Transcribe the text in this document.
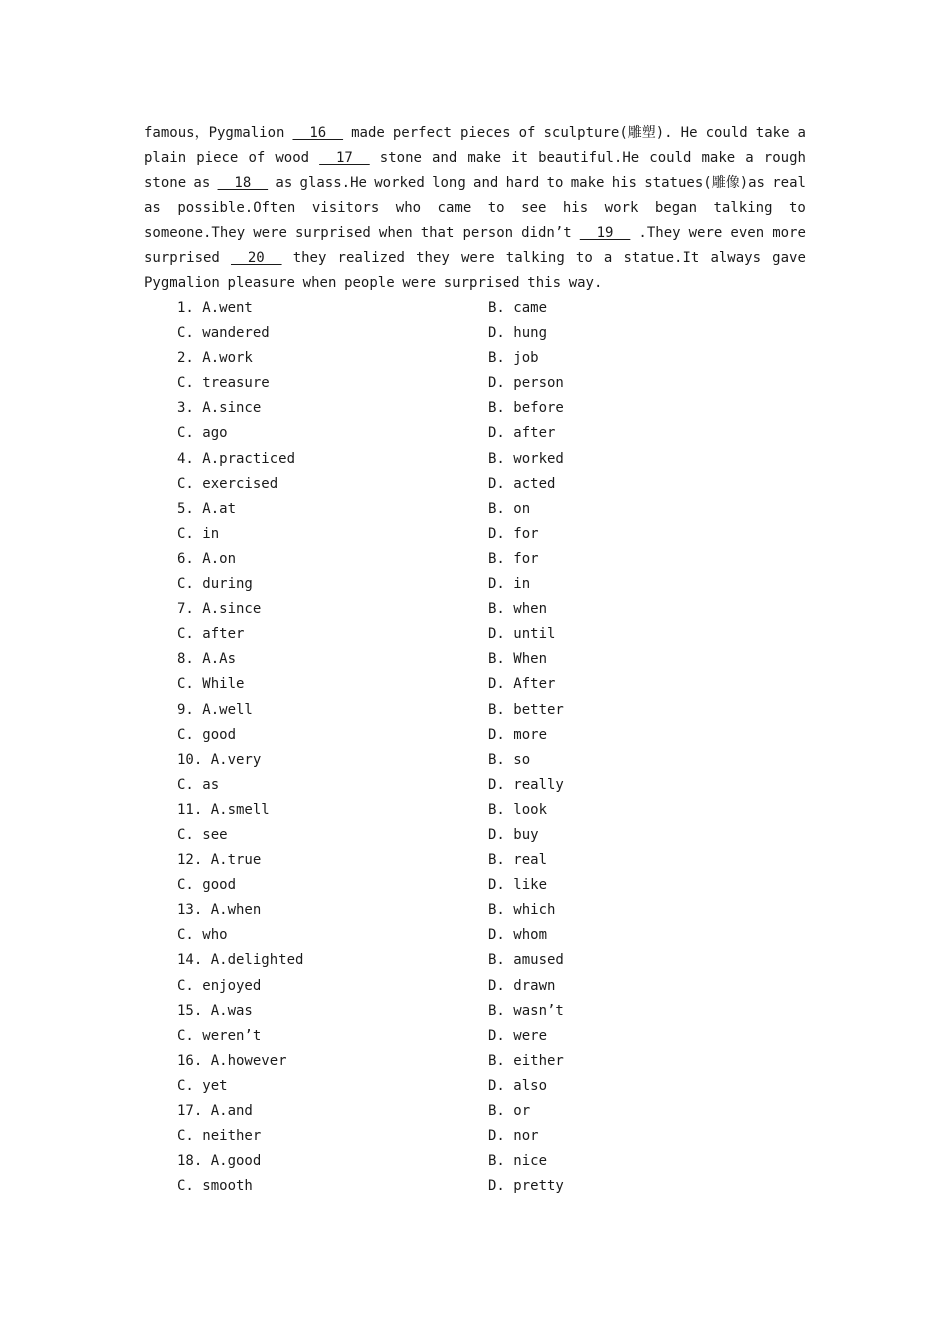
famous，Pygmalion 16 made perfect pieces of sculpture(雕塑). He could take a
plain piece of wood 17 stone and make it beautiful.He could make a rough
stone as 18 as glass.He worked long and hard to make his statues(雕像)as real
as possible.Often visitors who came to see his work began talking to
someone.They were surprised when that person didn’t 19 .They were even more
surprised 20 they realized they were talking to a statue.It always gave
Pygmalion pleasure when people were surprised this way.
1. A.went	B. came
C. wandered	D. hung
2. A.work	B. job
C. treasure	D. person
3. A.since	B. before
C. ago	D. after
4. A.practiced	B. worked
C. exercised	D. acted
5. A.at	B. on
C. in	D. for
6. A.on	B. for
C. during	D. in
7. A.since	B. when
C. after	D. until
8. A.As	B. When
C. While	D. After
9. A.well	B. better
C. good	D. more
10. A.very	B. so
C. as	D. really
11. A.smell	B. look
C. see	D. buy
12. A.true	B. real
C. good	D. like
13. A.when	B. which
C. who	D. whom
14. A.delighted	B. amused
C. enjoyed	D. drawn
15. A.was	B. wasn’t
C. weren’t	D. were
16. A.however	B. either
C. yet	D. also
17. A.and	B. or
C. neither	D. nor
18. A.good	B. nice
C. smooth	D. pretty
